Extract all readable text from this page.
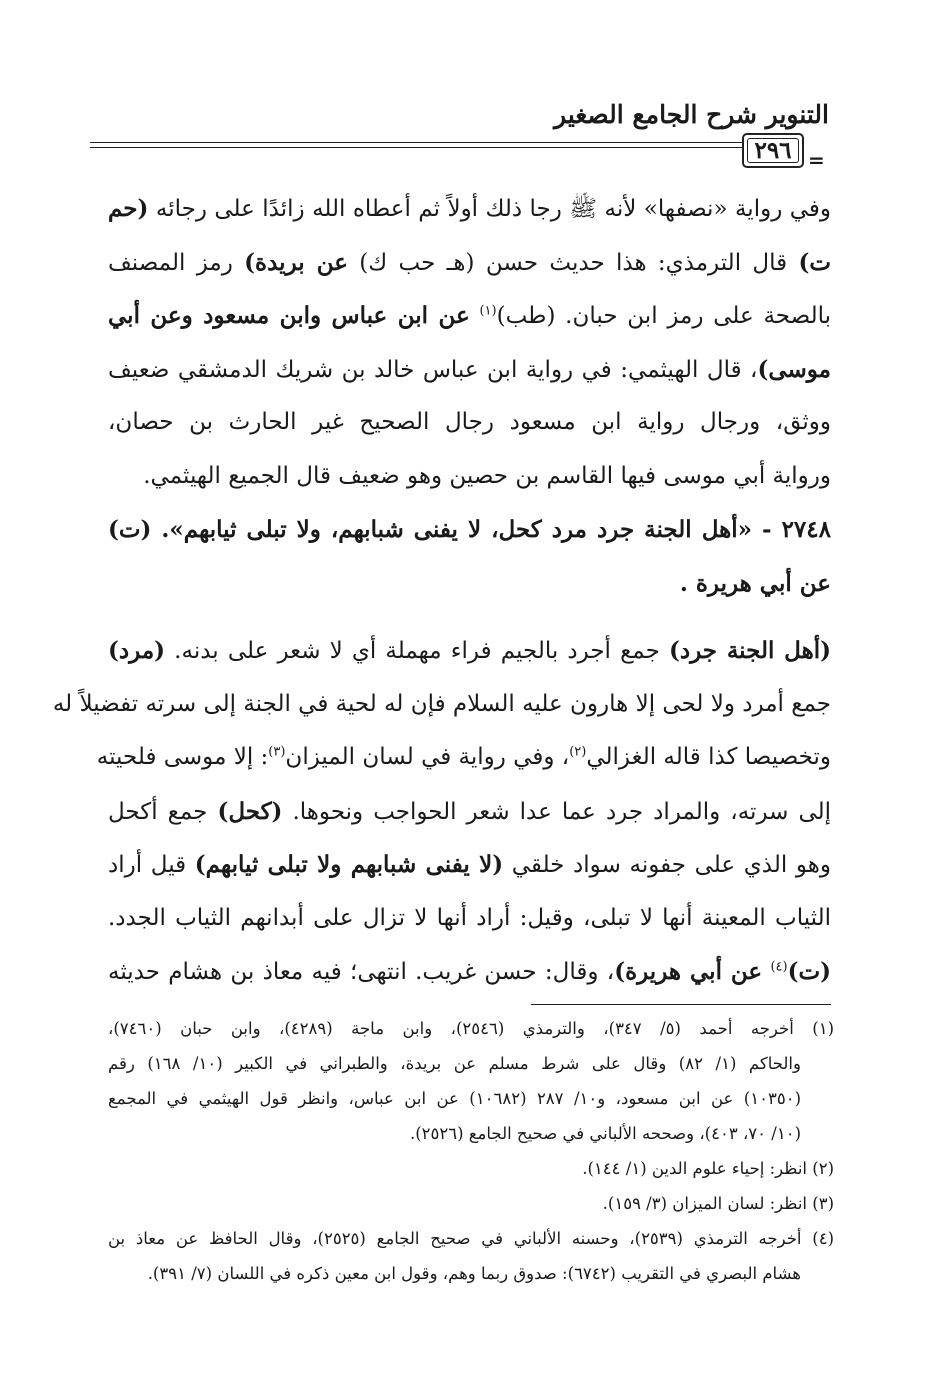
التنوير شرح الجامع الصغير
٢٩٦ =
وفي رواية «نصفها» لأنه ﷺ رجا ذلك أولاً ثم أعطاه الله زائدًا على رجائه (حم
ت) قال الترمذي: هذا حديث حسن (هـ حب ك) عن بريدة) رمز المصنف
بالصحة على رمز ابن حبان. (طب)$^{(١)}$ عن ابن عباس وابن مسعود وعن أبي
موسى)، قال الهيثمي: في رواية ابن عباس خالد بن شريك الدمشقي ضعيف
ووثق، ورجال رواية ابن مسعود رجال الصحيح غير الحارث بن حصان،
ورواية أبي موسى فيها القاسم بن حصين وهو ضعيف قال الجميع الهيثمي.
٢٧٤٨ - «أهل الجنة جرد مرد كحل، لا يفنى شبابهم، ولا تبلى ثيابهم». (ت)
عن أبي هريرة .
(أهل الجنة جرد) جمع أجرد بالجيم فراء مهملة أي لا شعر على بدنه. (مرد)
جمع أمرد ولا لحى إلا هارون عليه السلام فإن له لحية في الجنة إلى سرته تفضيلاً له
وتخصيصا كذا قاله الغزالي$^{(٢)}$، وفي رواية في لسان الميزان$^{(٣)}$: إلا موسى فلحيته
إلى سرته، والمراد جرد عما عدا شعر الحواجب ونحوها. (كحل) جمع أكحل
وهو الذي على جفونه سواد خلقي (لا يفنى شبابهم ولا تبلى ثيابهم) قيل أراد
الثياب المعينة أنها لا تبلى، وقيل: أراد أنها لا تزال على أبدانهم الثياب الجدد.
(ت)$^{(٤)}$ عن أبي هريرة)، وقال: حسن غريب. انتهى؛ فيه معاذ بن هشام حديثه
(١) أخرجه أحمد (٥/ ٣٤٧)، والترمذي (٢٥٤٦)، وابن ماجة (٤٢٨٩)، وابن حبان (٧٤٦٠)،
والحاكم (١/ ٨٢) وقال على شرط مسلم عن بريدة، والطبراني في الكبير (١٠/ ١٦٨) رقم
(١٠٣٥٠) عن ابن مسعود، و١٠/ ٢٨٧ (١٠٦٨٢) عن ابن عباس، وانظر قول الهيثمي في المجمع
(١٠/ ٧٠، ٤٠٣)، وصححه الألباني في صحيح الجامع (٢٥٢٦).
(٢) انظر: إحياء علوم الدين (١/ ١٤٤).
(٣) انظر: لسان الميزان (٣/ ١٥٩).
(٤) أخرجه الترمذي (٢٥٣٩)، وحسنه الألباني في صحيح الجامع (٢٥٢٥)، وقال الحافظ عن معاذ بن
هشام البصري في التقريب (٦٧٤٢): صدوق ربما وهم، وقول ابن معين ذكره في اللسان (٧/ ٣٩١).
